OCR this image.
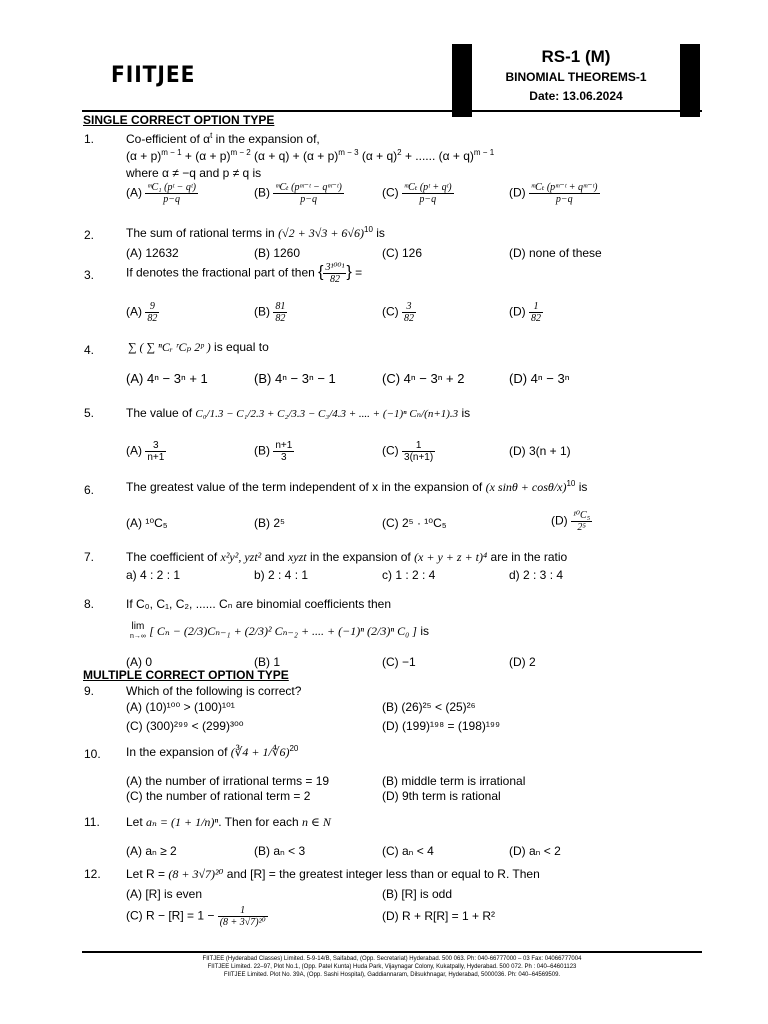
FIITJEE
RS-1 (M)
BINOMIAL THEOREMS-1
Date: 13.06.2024
SINGLE CORRECT OPTION TYPE
1.	Co-efficient of $\alpha^t$ in the expansion of,
$(\alpha + p)^{m - 1} + (\alpha + p)^{m - 2}$ $(\alpha + q) + (\alpha + p)^{m - 3}$ $(\alpha + q)^2$ + ...... $(\alpha + q)^{m - 1}$
where α ≠ −q and p ≠ q is
$(A) \frac{\text{ᵐC₁ (pᵗ − qᵗ)}}{p-q}$	$(B) \frac{\text{ᵐCₜ (pᵐ⁻ᵗ − qᵐ⁻ᵗ)}}{p-q}$	$(C) \frac{\text{ᵐCₜ (pᵗ + qᵗ)}}{p-q}$	$(D) \frac{\text{ᵐCₜ (pᵐ⁻ᵗ + qᵐ⁻ᵗ)}}{p-q}$
2.	The sum of rational terms in $(√2 + 3√3 + 6√6)^{10}$ is
(A) 12632	(B) 1260	(C) 126	(D) none of these
3.	If denotes the fractional part of then { $\frac{\text{3¹⁰⁰¹}}{82}$ } =
$(A) \frac{9}{82}$	$(B) \frac{81}{82}$	$(C) \frac{3}{82}$	$(D) \frac{1}{82}$
4.	∑ ( ∑ ⁿCᵣ ʳCₚ 2ᵖ ) is equal to
(A) 4ⁿ − 3ⁿ + 1	(B) 4ⁿ − 3ⁿ − 1	(C) 4ⁿ − 3ⁿ + 2	(D) 4ⁿ − 3ⁿ
5.	The value of C₀/1.3 − C₁/2.3 + C₂/3.3 − C₃/4.3 + .... + (−1)ⁿ Cₙ/(n+1).3 is
$(A) \frac{3}{n+1}$	$(B) \frac{n+1}{3}$	$(C) \frac{1}{3(n+1)}$	(D) 3(n + 1)
6.	The greatest value of the term independent of x in the expansion of (x sinθ + cosθ/x)$^{10}$ is
(A) ¹⁰C₅	(B) 2⁵	(C) 2⁵ · ¹⁰C₅	$(D) \frac{\text{¹⁰C₅}}{\text{2⁵}}$
7.	The coefficient of x²y², yzt² and xyzt in the expansion of (x + y + z + t)⁴ are in the ratio
a) 4 : 2 : 1	b) 2 : 4 : 1	c) 1 : 2 : 4	d) 2 : 3 : 4
8.	If C₀, C₁, C₂, ...... Cₙ are binomial coefficients then
lim
n→∞ [ Cₙ − (2/3)Cₙ₋₁ + (2/3)² Cₙ₋₂ + .... + (−1)ⁿ (2/3)ⁿ C₀ ] is
(A) 0	(B) 1	(C) −1	(D) 2
MULTIPLE CORRECT OPTION TYPE
9.	Which of the following is correct?
(A) (10)¹⁰⁰ > (100)¹⁰¹	(B) (26)²⁵ < (25)²⁶
(C) (300)²⁹⁹ < (299)³⁰⁰	(D) (199)¹⁹⁸ = (198)¹⁹⁹
10. In the expansion of (∛4 + 1/∜6)$^{20}$
(A) the number of irrational terms = 19	(B) middle term is irrational
(C) the number of rational term = 2	(D) 9th term is rational
11. Let aₙ = (1 + 1/n)ⁿ. Then for each n ∈ N
(A) aₙ ≥ 2	(B) aₙ < 3	(C) aₙ < 4	(D) aₙ < 2
12. Let R = (8 + 3√7)²⁰ and [R] = the greatest integer less than or equal to R. Then
(A) [R] is even	(B) [R] is odd
(C) $R - [R] = 1 - \frac{1}{\text{(8 + 3√7)²⁰}}$	(D) R + R[R] = 1 + R²
FIITJEE (Hyderabad Classes) Limited. 5-9-14/B, Saifabad, (Opp. Secretariat) Hyderabad. 500 063. Ph: 040-66777000 – 03 Fax: 04066777004
FIITJEE Limited. 22–97, Plot No.1, (Opp. Patel Kunta) Huda Park, Vijaynagar Colony, Kukatpally, Hyderabad. 500 072. Ph : 040–64601123
FIITJEE Limited. Plot No. 39A, (Opp. Sashi Hospital), Gaddiannaram, Dilsukhnagar, Hyderabad, 5000036. Ph: 040–64569509.
